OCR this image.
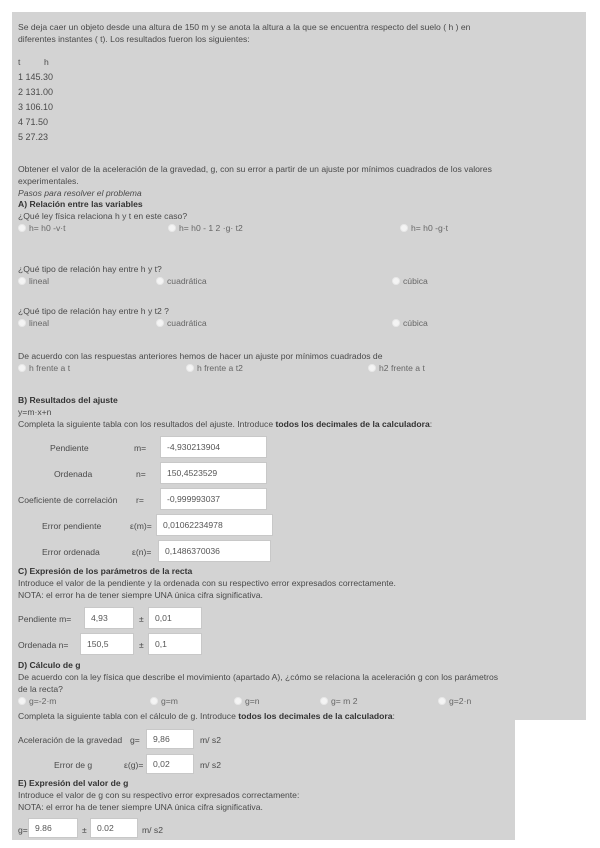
Se deja caer un objeto desde una altura de 150 m y se anota la altura a la que se encuentra respecto del suelo ( h ) en
diferentes instantes ( t). Los resultados fueron los siguientes:
t	h
1 145.30
2 131.00
3 106.10
4 71.50
5 27.23
Obtener el valor de la aceleración de la gravedad, g, con su error a partir de un ajuste por mínimos cuadrados de los valores
experimentales.
Pasos para resolver el problema
A) Relación entre las variables
¿Qué ley física relaciona h y t en este caso?
h= h0 -v·t	h= h0 - 1 2 ·g· t2	h= h0 -g·t
¿Qué tipo de relación hay entre h y t?
lineal	cuadrática	cúbica
¿Qué tipo de relación hay entre h y t2 ?
lineal	cuadrática	cúbica
De acuerdo con las respuestas anteriores hemos de hacer un ajuste por mínimos cuadrados de
h frente a t	h frente a t2	h2 frente a t
B) Resultados del ajuste
y=m·x+n
Completa la siguiente tabla con los resultados del ajuste. Introduce todos los decimales de la calculadora:
Pendiente	m=	-4,930213904
Ordenada	n=	150,4523529
Coeficiente de correlación r=	-0,999993037
Error pendiente	ε(m)=	0,01062234978
Error ordenada	ε(n)=	0,1486370036
C) Expresión de los parámetros de la recta
Introduce el valor de la pendiente y la ordenada con su respectivo error expresados correctamente.
NOTA: el error ha de tener siempre UNA única cifra significativa.
Pendiente m=	4,93	±	0,01
Ordenada n=	150,5	±	0,1
D) Cálculo de g
De acuerdo con la ley física que describe el movimiento (apartado A), ¿cómo se relaciona la aceleración g con los parámetros
de la recta?
g=-2·m	g=m	g=n	g= m 2	g=2·n
Completa la siguiente tabla con el cálculo de g. Introduce todos los decimales de la calculadora:
Aceleración de la gravedad g=	9,86	m/ s2
Error de g	ε(g)=	0,02	m/ s2
E) Expresión del valor de g
Introduce el valor de g con su respectivo error expresados correctamente:
NOTA: el error ha de tener siempre UNA única cifra significativa.
g= 9.86	±	0.02	m/ s2
